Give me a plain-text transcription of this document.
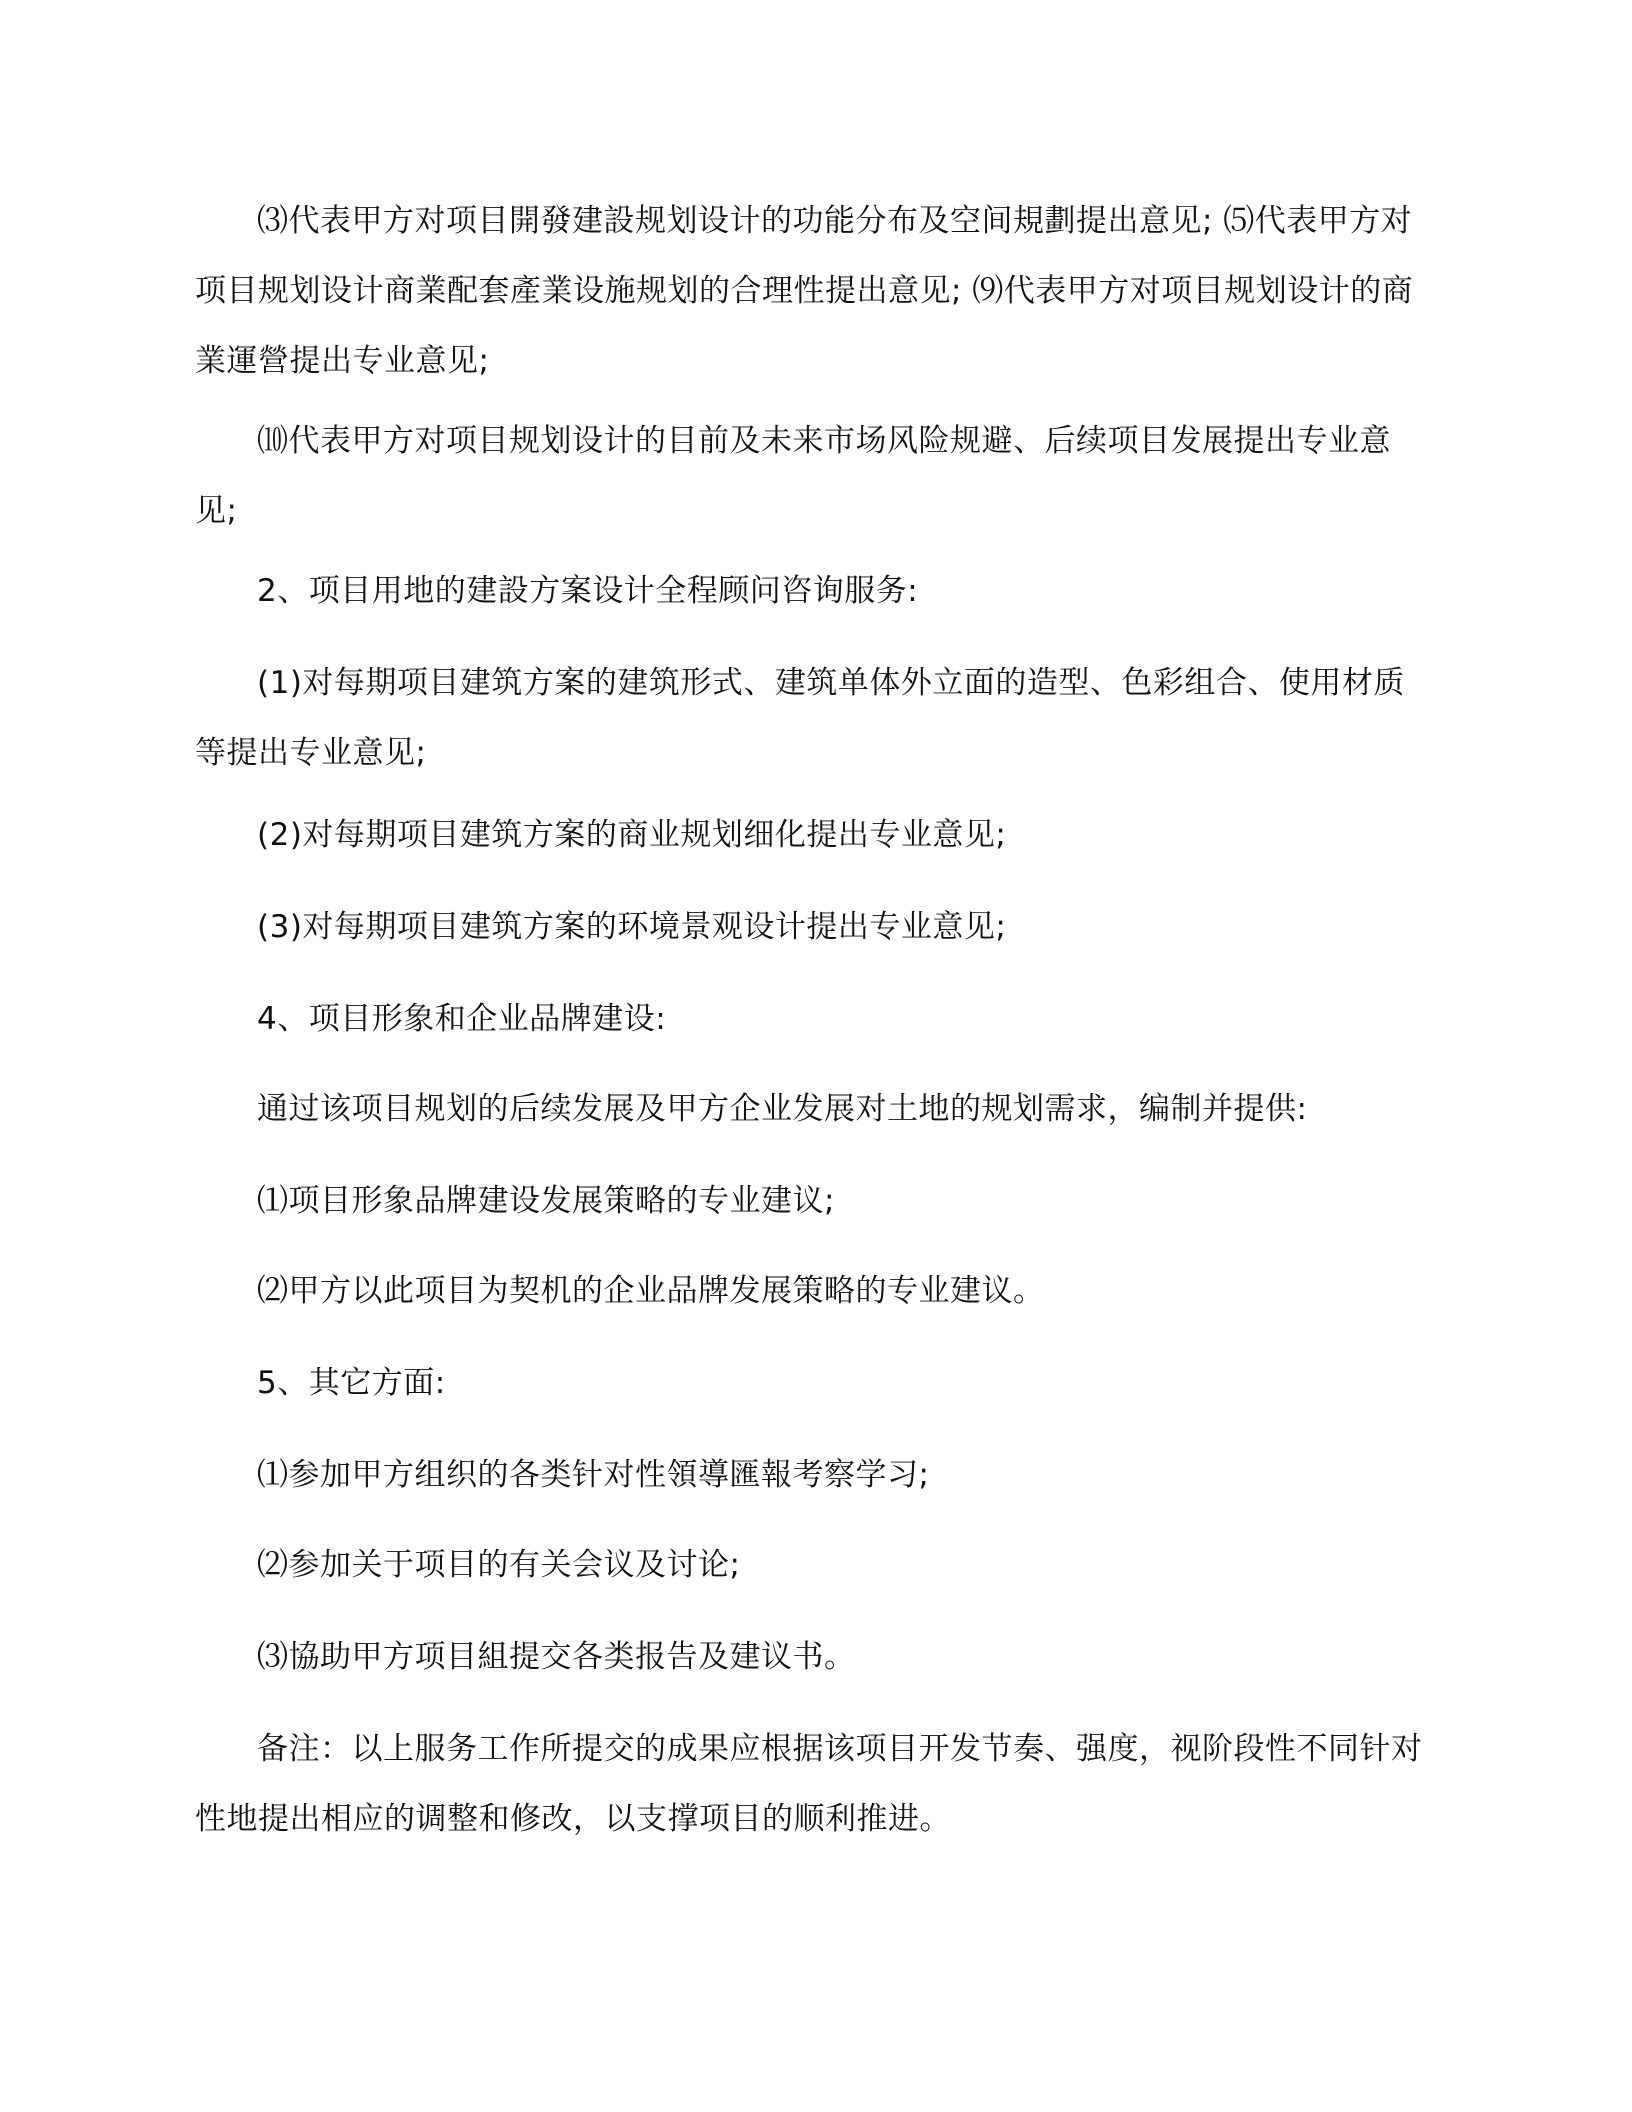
⑶代表甲方对项目開發建設规划设计的功能分布及空间規劃提出意见; ⑸代表甲方对项目规划设计商業配套產業设施规划的合理性提出意见; ⑼代表甲方对项目规划设计的商業運營提出专业意见;

⑽代表甲方对项目规划设计的目前及未来市场风险规避、后续项目发展提出专业意见;

2、项目用地的建設方案设计全程顾问咨询服务:

(1)对每期项目建筑方案的建筑形式、建筑单体外立面的造型、色彩组合、使用材质等提出专业意见;

(2)对每期项目建筑方案的商业规划细化提出专业意见;

(3)对每期项目建筑方案的环境景观设计提出专业意见;

4、项目形象和企业品牌建设:

通过该项目规划的后续发展及甲方企业发展对土地的规划需求，编制并提供:

⑴项目形象品牌建设发展策略的专业建议;

⑵甲方以此项目为契机的企业品牌发展策略的专业建议。

5、其它方面:

⑴参加甲方组织的各类针对性領導匯報考察学习;

⑵参加关于项目的有关会议及讨论;

⑶協助甲方项目組提交各类报告及建议书。

备注：以上服务工作所提交的成果应根据该项目开发节奏、强度，视阶段性不同针对性地提出相应的调整和修改，以支撑项目的顺利推进。
